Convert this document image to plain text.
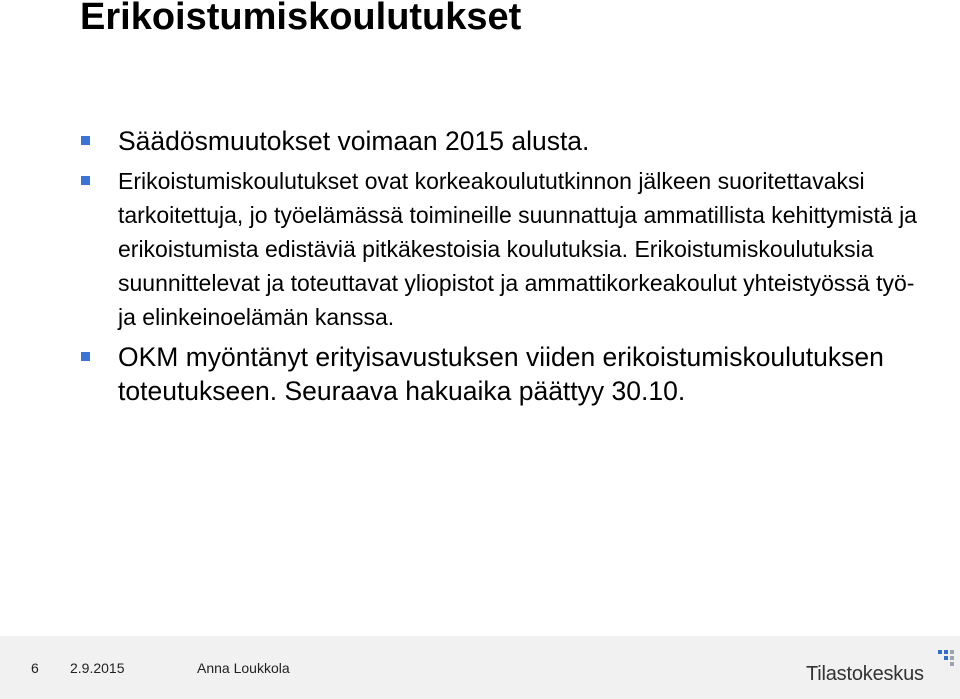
Erikoistumiskoulutukset
Säädösmuutokset voimaan 2015 alusta.
Erikoistumiskoulutukset ovat korkeakoulututkinnon jälkeen suoritettavaksi tarkoitettuja, jo työelämässä toimineille suunnattuja ammatillista kehittymistä ja erikoistumista edistäviä pitkäkestoisia koulutuksia. Erikoistumiskoulutuksia suunnittelevat ja toteuttavat yliopistot ja ammattikorkeakoulut yhteistyössä työ- ja elinkeinoelämän kanssa.
OKM myöntänyt erityisavustuksen viiden erikoistumiskoulutuksen toteutukseen. Seuraava hakuaika päättyy 30.10.
6 2.9.2015	Anna Loukkola	Tilastokeskus
